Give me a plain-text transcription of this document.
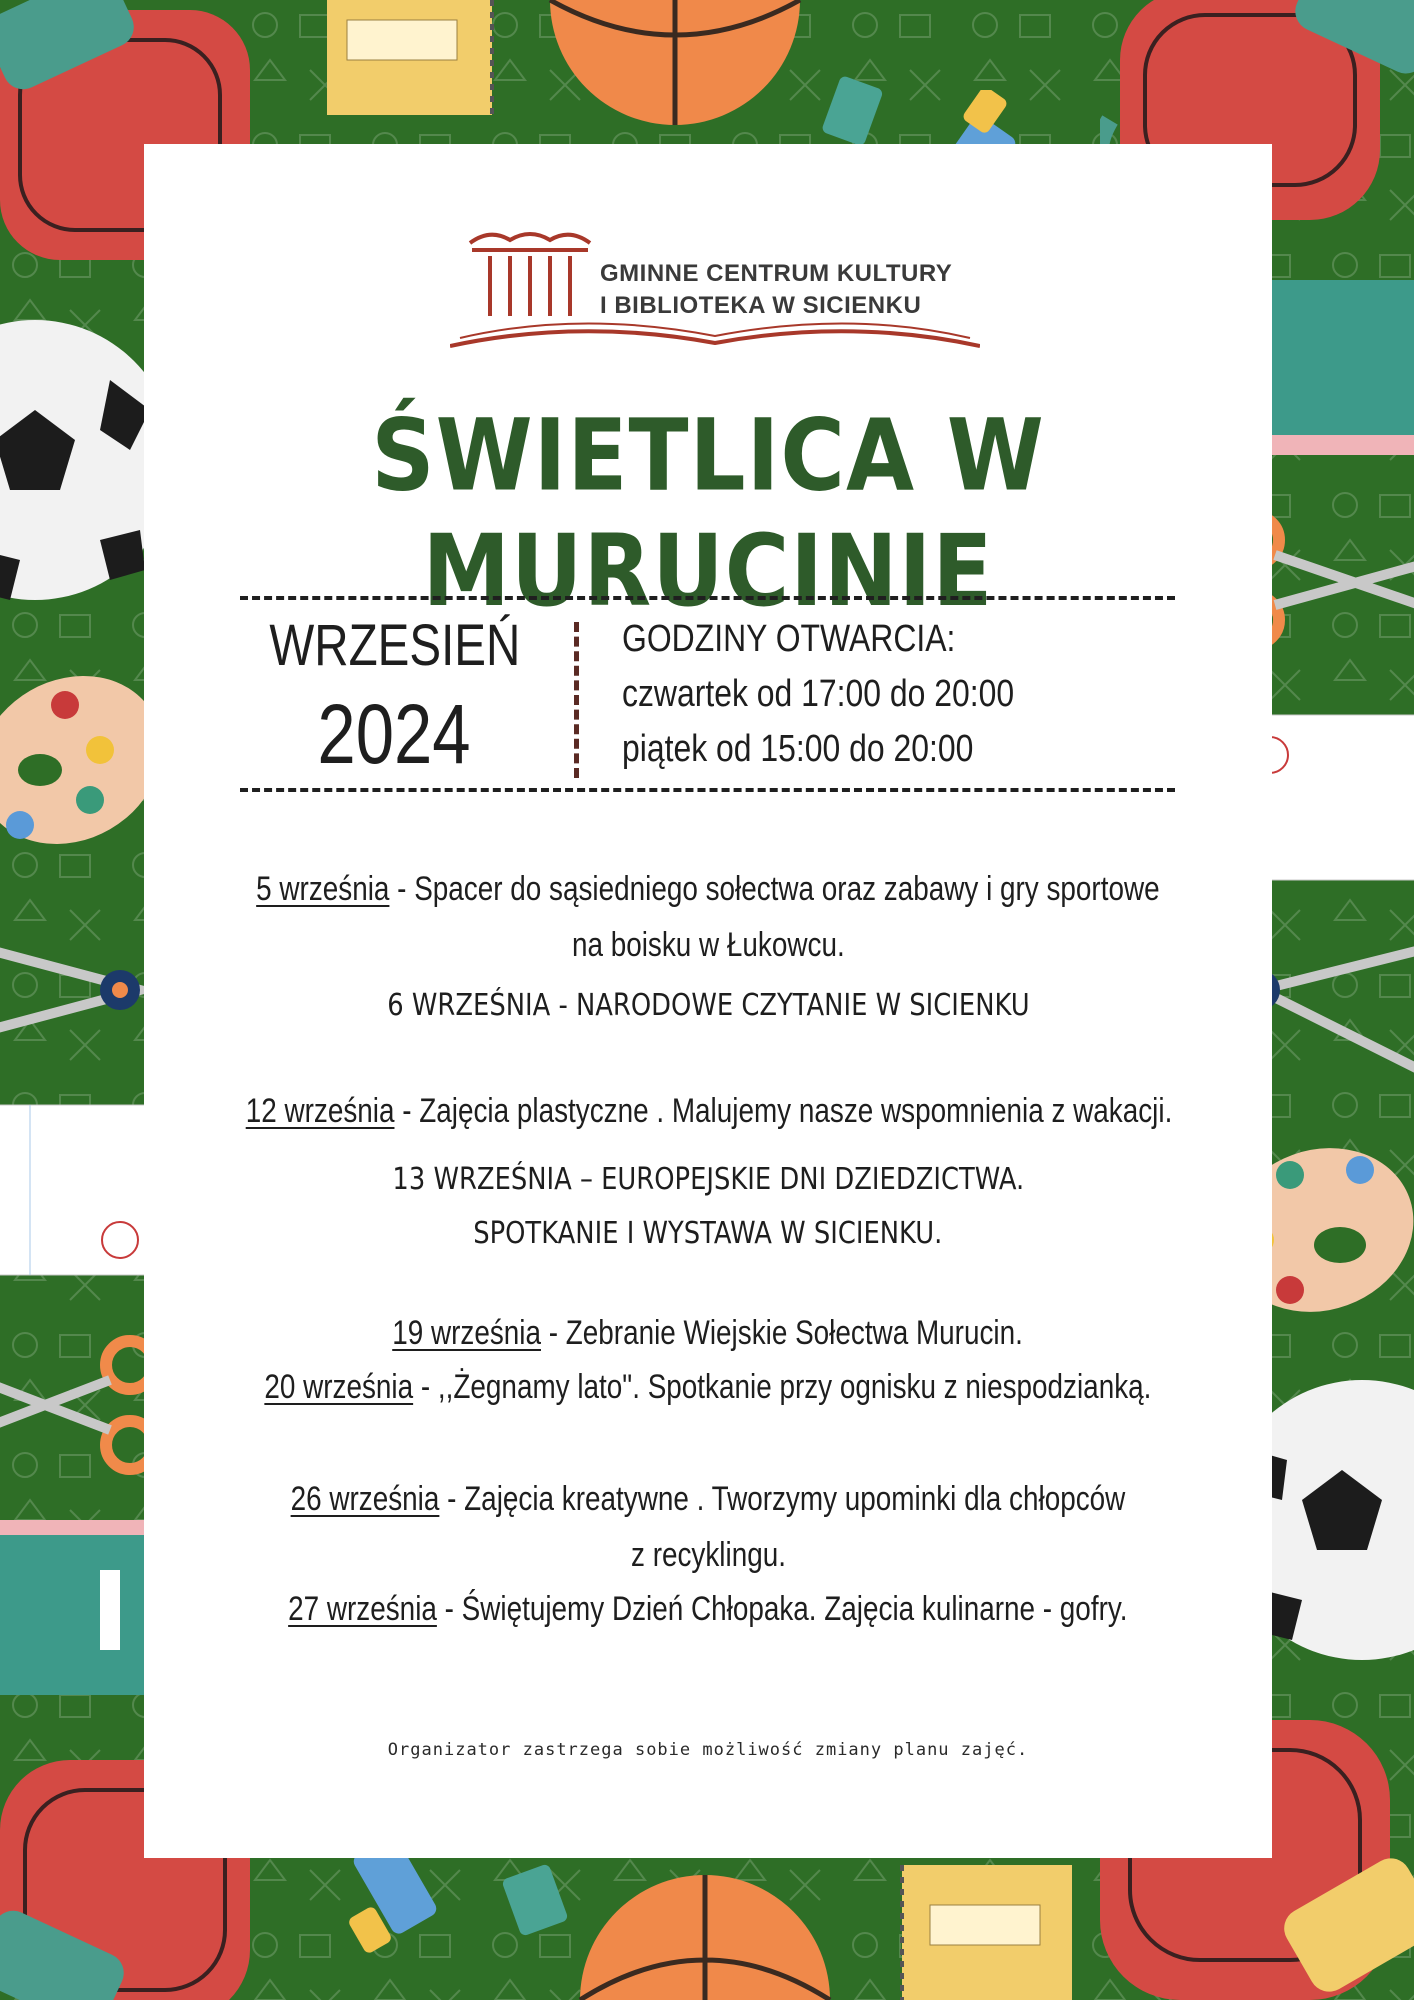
GMINNE CENTRUM KULTURY
I BIBLIOTEKA W SICIENKU
ŚWIETLICA W MURUCINIE
WRZESIEŃ
2024
GODZINY OTWARCIA:
czwartek od 17:00 do 20:00
piątek od 15:00 do 20:00
5 września - Spacer do sąsiedniego sołectwa oraz zabawy i gry sportowe
na boisku w Łukowcu.
6 WRZEŚNIA - NARODOWE CZYTANIE W SICIENKU
12 września - Zajęcia plastyczne . Malujemy nasze wspomnienia z wakacji.
13 WRZEŚNIA – EUROPEJSKIE DNI DZIEDZICTWA.
SPOTKANIE I WYSTAWA W SICIENKU.
19 września - Zebranie Wiejskie Sołectwa Murucin.
20 września - ,,Żegnamy lato". Spotkanie przy ognisku z niespodzianką.
26 września - Zajęcia kreatywne . Tworzymy upominki dla chłopców
z recyklingu.
27 września - Świętujemy Dzień Chłopaka. Zajęcia kulinarne - gofry.
Organizator zastrzega sobie możliwość zmiany planu zajęć.
